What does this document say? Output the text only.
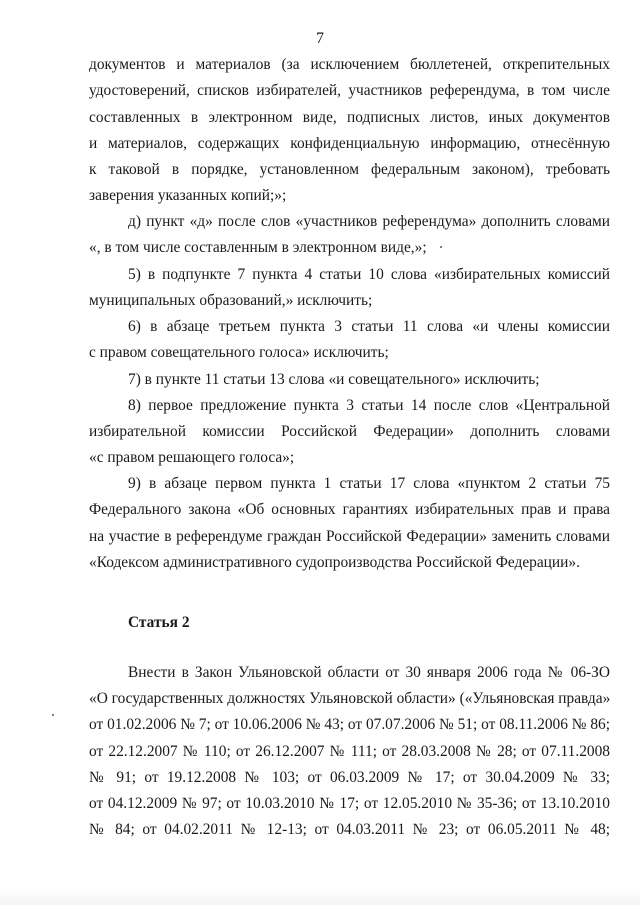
7
документов и материалов (за исключением бюллетеней, открепительных
удостоверений, списков избирателей, участников референдума, в том числе
составленных в электронном виде, подписных листов, иных документов
и материалов, содержащих конфиденциальную информацию, отнесённую
к таковой в порядке, установленном федеральным законом), требовать
заверения указанных копий;»;
д) пункт «д» после слов «участников референдума» дополнить словами
«, в том числе составленным в электронном виде,»;
5) в подпункте 7 пункта 4 статьи 10 слова «избирательных комиссий
муниципальных образований,» исключить;
6) в абзаце третьем пункта 3 статьи 11 слова «и члены комиссии
с правом совещательного голоса» исключить;
7) в пункте 11 статьи 13 слова «и совещательного» исключить;
8) первое предложение пункта 3 статьи 14 после слов «Центральной
избирательной комиссии Российской Федерации» дополнить словами
«с правом решающего голоса»;
9) в абзаце первом пункта 1 статьи 17 слова «пунктом 2 статьи 75
Федерального закона «Об основных гарантиях избирательных прав и права
на участие в референдуме граждан Российской Федерации» заменить словами
«Кодексом административного судопроизводства Российской Федерации».
Статья 2
Внести в Закон Ульяновской области от 30 января 2006 года № 06-ЗО
«О государственных должностях Ульяновской области» («Ульяновская правда»
от 01.02.2006 № 7; от 10.06.2006 № 43; от 07.07.2006 № 51; от 08.11.2006 № 86;
от 22.12.2007 № 110; от 26.12.2007 № 111; от 28.03.2008 № 28; от 07.11.2008
№ 91; от 19.12.2008 № 103; от 06.03.2009 № 17; от 30.04.2009 № 33;
от 04.12.2009 № 97; от 10.03.2010 № 17; от 12.05.2010 № 35-36; от 13.10.2010
№ 84; от 04.02.2011 № 12-13; от 04.03.2011 № 23; от 06.05.2011 № 48;
